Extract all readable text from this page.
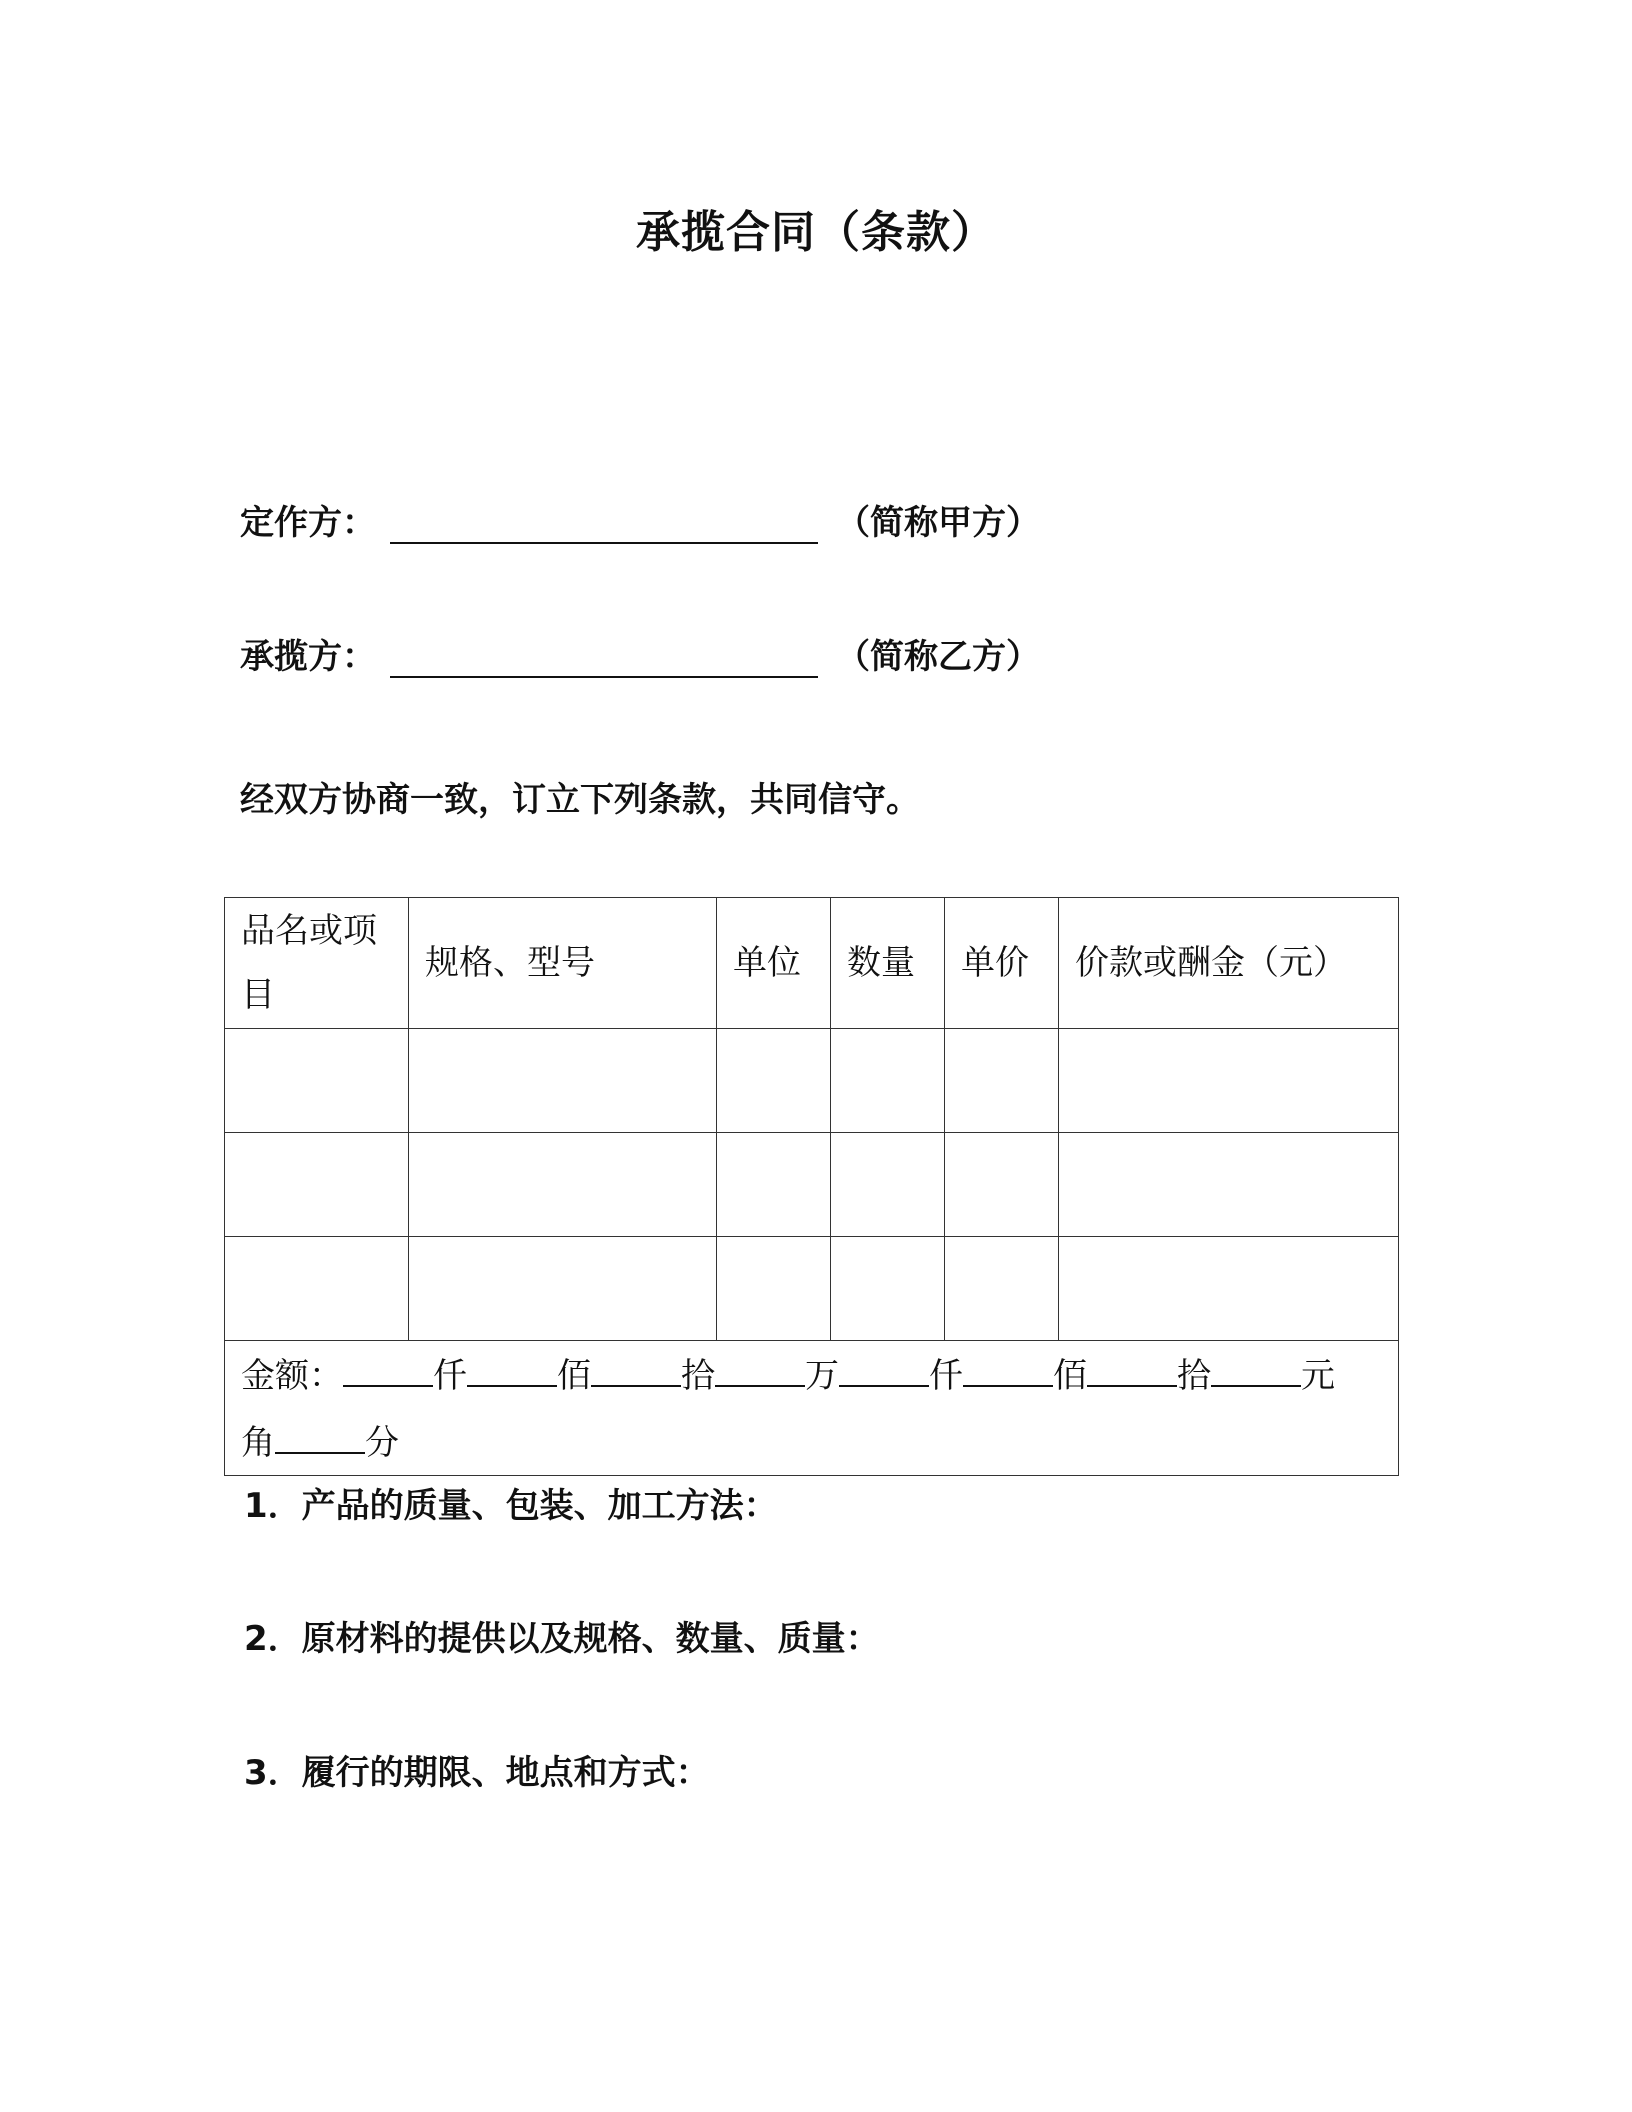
承揽合同（条款）
定作方：	（简称甲方）
承揽方：	（简称乙方）
经双方协商一致，订立下列条款，共同信守。
品名或项目	规格、型号	单位	数量	单价	价款或酬金（元）

金额： 仟 佰 拾 万 仟 佰 拾 元
角 分					
1．产品的质量、包装、加工方法：
2．原材料的提供以及规格、数量、质量：
3．履行的期限、地点和方式：
